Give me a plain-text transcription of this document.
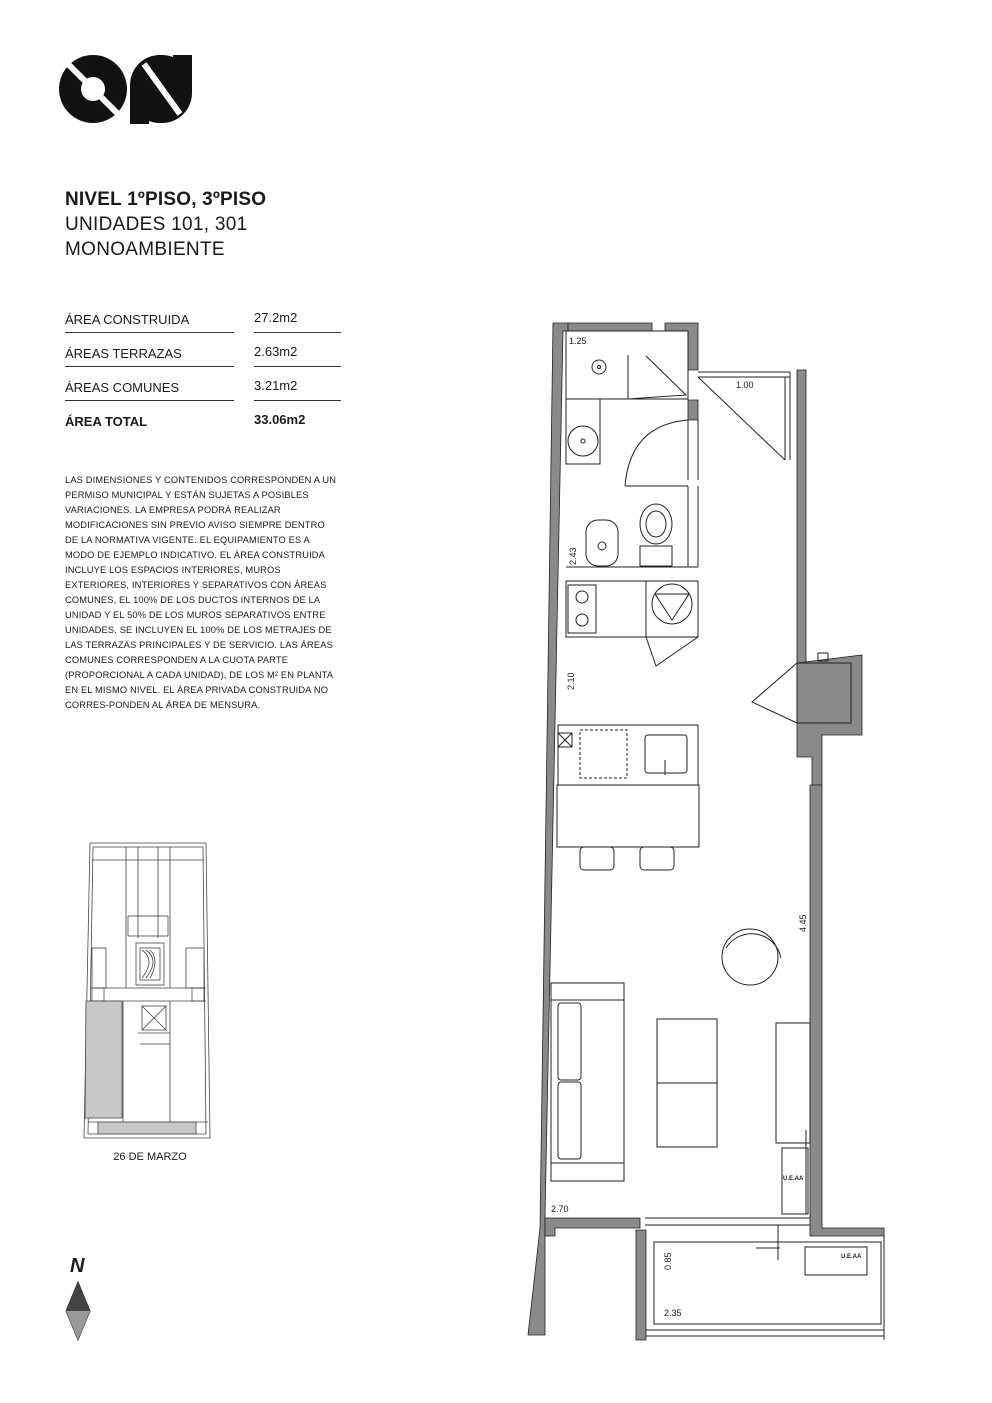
NIVEL 1ºPISO, 3ºPISO
UNIDADES 101, 301
MONOAMBIENTE
ÁREA CONSTRUIDA	27.2m2
ÁREAS TERRAZAS	2.63m2
ÁREAS COMUNES	3.21m2
ÁREA TOTAL	33.06m2
LAS DIMENSIONES Y CONTENIDOS CORRESPONDEN A UN PERMISO MUNICIPAL Y ESTÁN SUJETAS A POSIBLES VARIACIONES. LA EMPRESA PODRÁ REALIZAR MODIFICACIONES SIN PREVIO AVISO SIEMPRE DENTRO DE LA NORMATIVA VIGENTE. EL EQUIPAMIENTO ES A MODO DE EJEMPLO INDICATIVO. EL ÁREA CONSTRUIDA INCLUYE LOS ESPACIOS INTERIORES, MUROS EXTERIORES, INTERIORES Y SEPARATIVOS CON ÁREAS COMUNES, EL 100% DE LOS DUCTOS INTERNOS DE LA UNIDAD Y EL 50% DE LOS MUROS SEPARATIVOS ENTRE UNIDADES. SE INCLUYEN EL 100% DE LOS METRAJES DE LAS TERRAZAS PRINCIPALES Y DE SERVICIO. LAS ÁREAS COMUNES CORRESPONDEN A LA CUOTA PARTE (PROPORCIONAL A CADA UNIDAD), DE LOS M² EN PLANTA EN EL MISMO NIVEL. EL ÁREA PRIVADA CONSTRUIDA NO CORRES-PONDEN AL ÁREA DE MENSURA.
26 DE MARZO
N
1.25
1.00
2.43
2.10
4.45
2.70
0.85
2.35
U.E.AA
U.E.AA
